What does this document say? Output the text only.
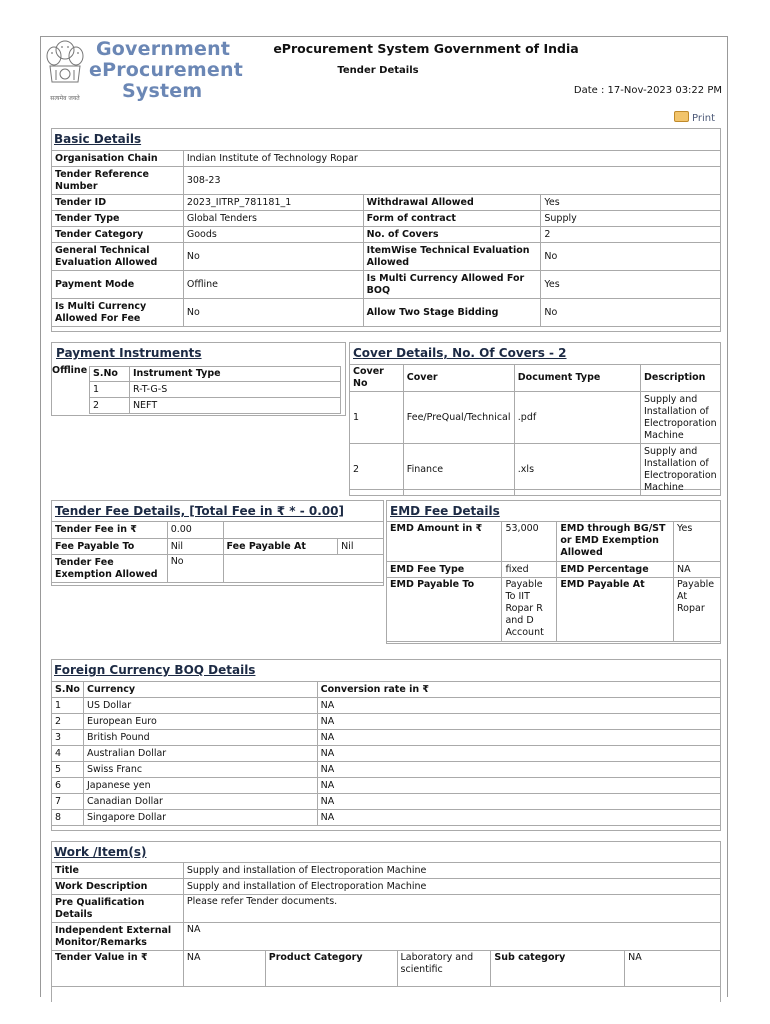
सत्यमेव जयते
Government
eProcurement
System
eProcurement System Government of India
Tender Details
Date : 17-Nov-2023 03:22 PM
Print
Basic Details
Organisation Chain	Indian Institute of Technology Ropar		
Tender Reference Number	308-23		
Tender ID	2023_IITRP_781181_1	Withdrawal Allowed	Yes
Tender Type	Global Tenders	Form of contract	Supply
Tender Category	Goods	No. of Covers	2
General Technical Evaluation Allowed	No	ItemWise Technical Evaluation Allowed	No
Payment Mode	Offline	Is Multi Currency Allowed For BOQ	Yes
Is Multi Currency Allowed For Fee	No	Allow Two Stage Bidding	No
Payment Instruments
Offline S.No	Instrument Type
1	R-T-G-S
2	NEFT
Cover Details, No. Of Covers - 2
Cover No	Cover	Document Type	Description
1	Fee/PreQual/Technical	.pdf	Supply and Installation of Electroporation Machine
2	Finance	.xls	Supply and Installation of Electroporation Machine
Tender Fee Details, [Total Fee in ₹ * - 0.00]
Tender Fee in ₹	0.00		
Fee Payable To	Nil	Fee Payable At	Nil
Tender Fee Exemption Allowed	No		
EMD Fee Details
EMD Amount in ₹	53,000	EMD through BG/ST or EMD Exemption Allowed	Yes
EMD Fee Type	fixed	EMD Percentage	NA
EMD Payable To	Payable To IIT Ropar R and D Account	EMD Payable At	Payable At Ropar
Foreign Currency BOQ Details
S.No	Currency	Conversion rate in ₹
1	US Dollar	NA
2	European Euro	NA
3	British Pound	NA
4	Australian Dollar	NA
5	Swiss Franc	NA
6	Japanese yen	NA
7	Canadian Dollar	NA
8	Singapore Dollar	NA
Work /Item(s)
Title	Supply and installation of Electroporation Machine				
Work Description	Supply and installation of Electroporation Machine				
Pre Qualification Details	Please refer Tender documents.				
Independent External Monitor/Remarks	NA				
Tender Value in ₹	NA	Product Category	Laboratory and scientific	Sub category	NA
